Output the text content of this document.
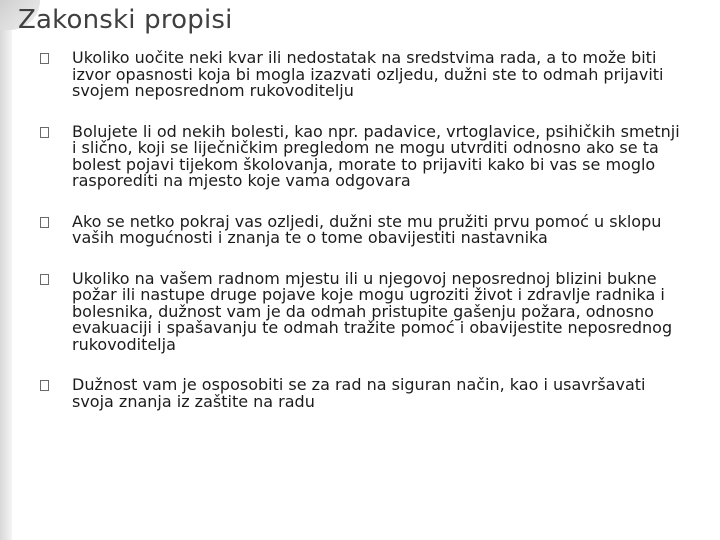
Zakonski propisi
Ukoliko uočite neki kvar ili nedostatak na sredstvima rada, a to može biti izvor opasnosti koja bi mogla izazvati ozljedu, dužni ste to odmah prijaviti svojem neposrednom rukovoditelju
Bolujete li od nekih bolesti, kao npr. padavice, vrtoglavice, psihičkih smetnji i slično, koji se liječničkim pregledom ne mogu utvrditi odnosno ako se ta bolest pojavi tijekom školovanja, morate to prijaviti kako bi vas se moglo rasporediti na mjesto koje vama odgovara
Ako se netko pokraj vas ozljedi, dužni ste mu pružiti prvu pomoć u sklopu vaših mogućnosti i znanja te o tome obavijestiti nastavnika
Ukoliko na vašem radnom mjestu ili u njegovoj neposrednoj blizini bukne požar ili nastupe druge pojave koje mogu ugroziti život i zdravlje radnika i bolesnika, dužnost vam je da odmah pristupite gašenju požara, odnosno evakuaciji i spašavanju te odmah tražite pomoć i obavijestite neposrednog rukovoditelja
Dužnost vam je osposobiti se za rad na siguran način, kao i usavršavati svoja znanja iz zaštite na radu
